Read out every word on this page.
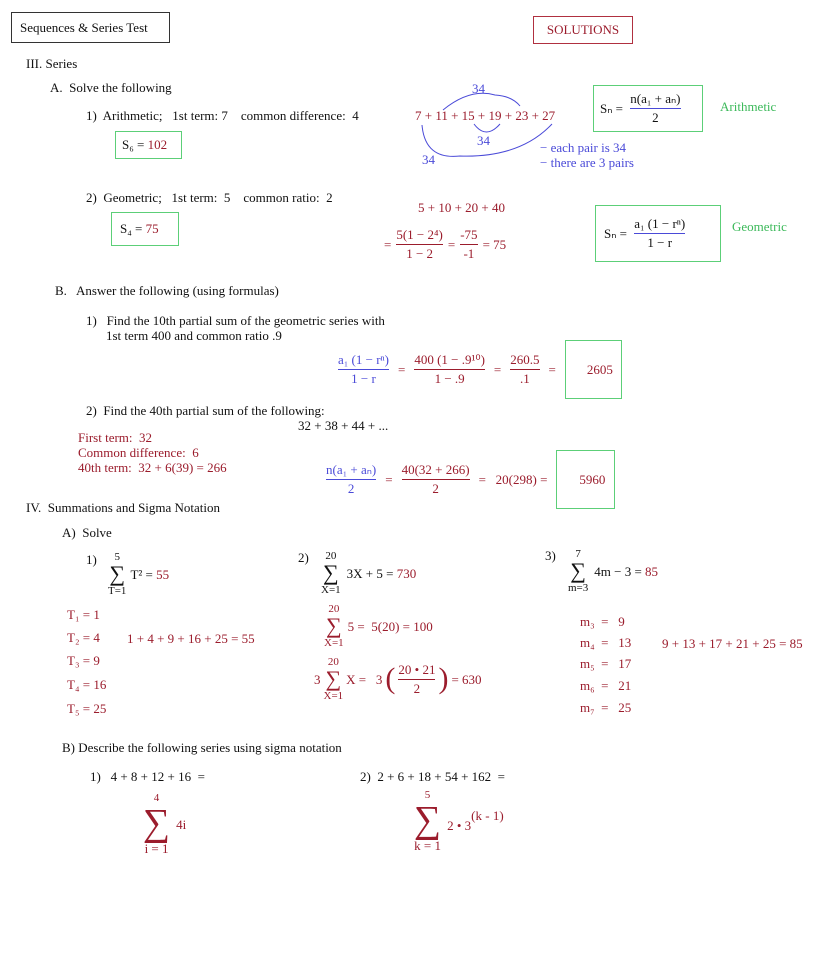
Sequences & Series Test	SOLUTIONS
III. Series
A.  Solve the following
1)  Arithmetic;   1st term: 7    common difference:  4
S₆ = 102
7 + 11 + 15 + 19 + 23 + 27
34
34
34
− each pair is 34
− there are 3 pairs
$S_n = \frac{\text{n(a₁ + aₙ)}}{2}$	Arithmetic
2)  Geometric;   1st term:  5    common ratio:  2
S₄ = 75
5 + 10 + 20 + 40
= $\frac{\text{5(1 − 2⁴)}}{1 - 2} = \frac{-75}{-1} = 75$
$S_n = \frac{\text{a₁ (1 − rⁿ)}}{1 - r}$	Geometric
B.   Answer the following (using formulas)
1)   Find the 10th partial sum of the geometric series with
1st term 400 and common ratio .9
$\frac{\text{a₁ (1 − rⁿ)}}{1 - r} = \frac{\text{400 (1 − .9¹⁰)}}{1 - .9} = \frac{260.5}{.1}$ =	2605

2)  Find the 40th partial sum of the following:
32 + 38 + 44 + ...
First term:  32
Common difference:  6
40th term:  32 + 6(39) = 266	$\frac{\text{n(a₁ + aₙ)}}{2} = \frac{40(32 + 266)}{2} = 20(298)$ =	5960

IV.  Summations and Sigma Notation
A)  Solve
1) 5
∑
T=1
T² = 55
T₁ = 1
T₂ = 4
T₃ = 9
T₄ = 16
T₅ = 25
1 + 4 + 9 + 16 + 25 = 55
2) 20
∑
X=1
3X + 5 = 730
20
∑
X=1
5 =  5(20) = 100
3
20
∑
X=1
X =   3 ( $\frac{20 • 21}{2}$ ) = 630
3) 7
∑
m=3
4m − 3 = 85
m₃ =   9
m₄ =   13
m₅ =   17
m₆ =   21
m₇ =   25
9 + 13 + 17 + 21 + 25 = 85
B) Describe the following series using sigma notation
1)   4 + 8 + 12 + 16  =
4
∑
i = 1
4i
2)  2 + 6 + 18 + 54 + 162  =
5
∑
k = 1
2 • 3(k - 1)
